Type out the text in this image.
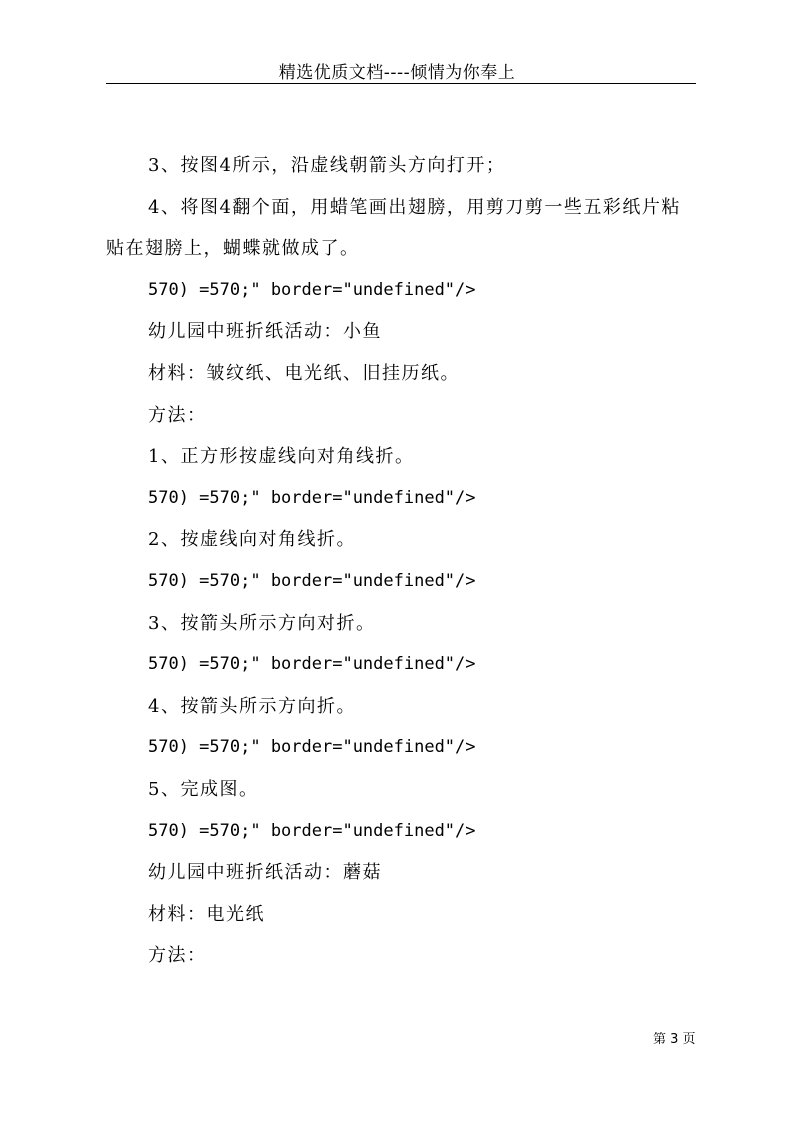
精选优质文档----倾情为你奉上

3、按图4所示，沿虚线朝箭头方向打开；

4、将图4翻个面，用蜡笔画出翅膀，用剪刀剪一些五彩纸片粘贴在翅膀上，蝴蝶就做成了。

570) =570;" border="undefined"/>

幼儿园中班折纸活动：小鱼

材料：皱纹纸、电光纸、旧挂历纸。

方法：

1、正方形按虚线向对角线折。

570) =570;" border="undefined"/>

2、按虚线向对角线折。

570) =570;" border="undefined"/>

3、按箭头所示方向对折。

570) =570;" border="undefined"/>

4、按箭头所示方向折。

570) =570;" border="undefined"/>

5、完成图。

570) =570;" border="undefined"/>

幼儿园中班折纸活动：蘑菇

材料：电光纸

方法：

第 3 页
